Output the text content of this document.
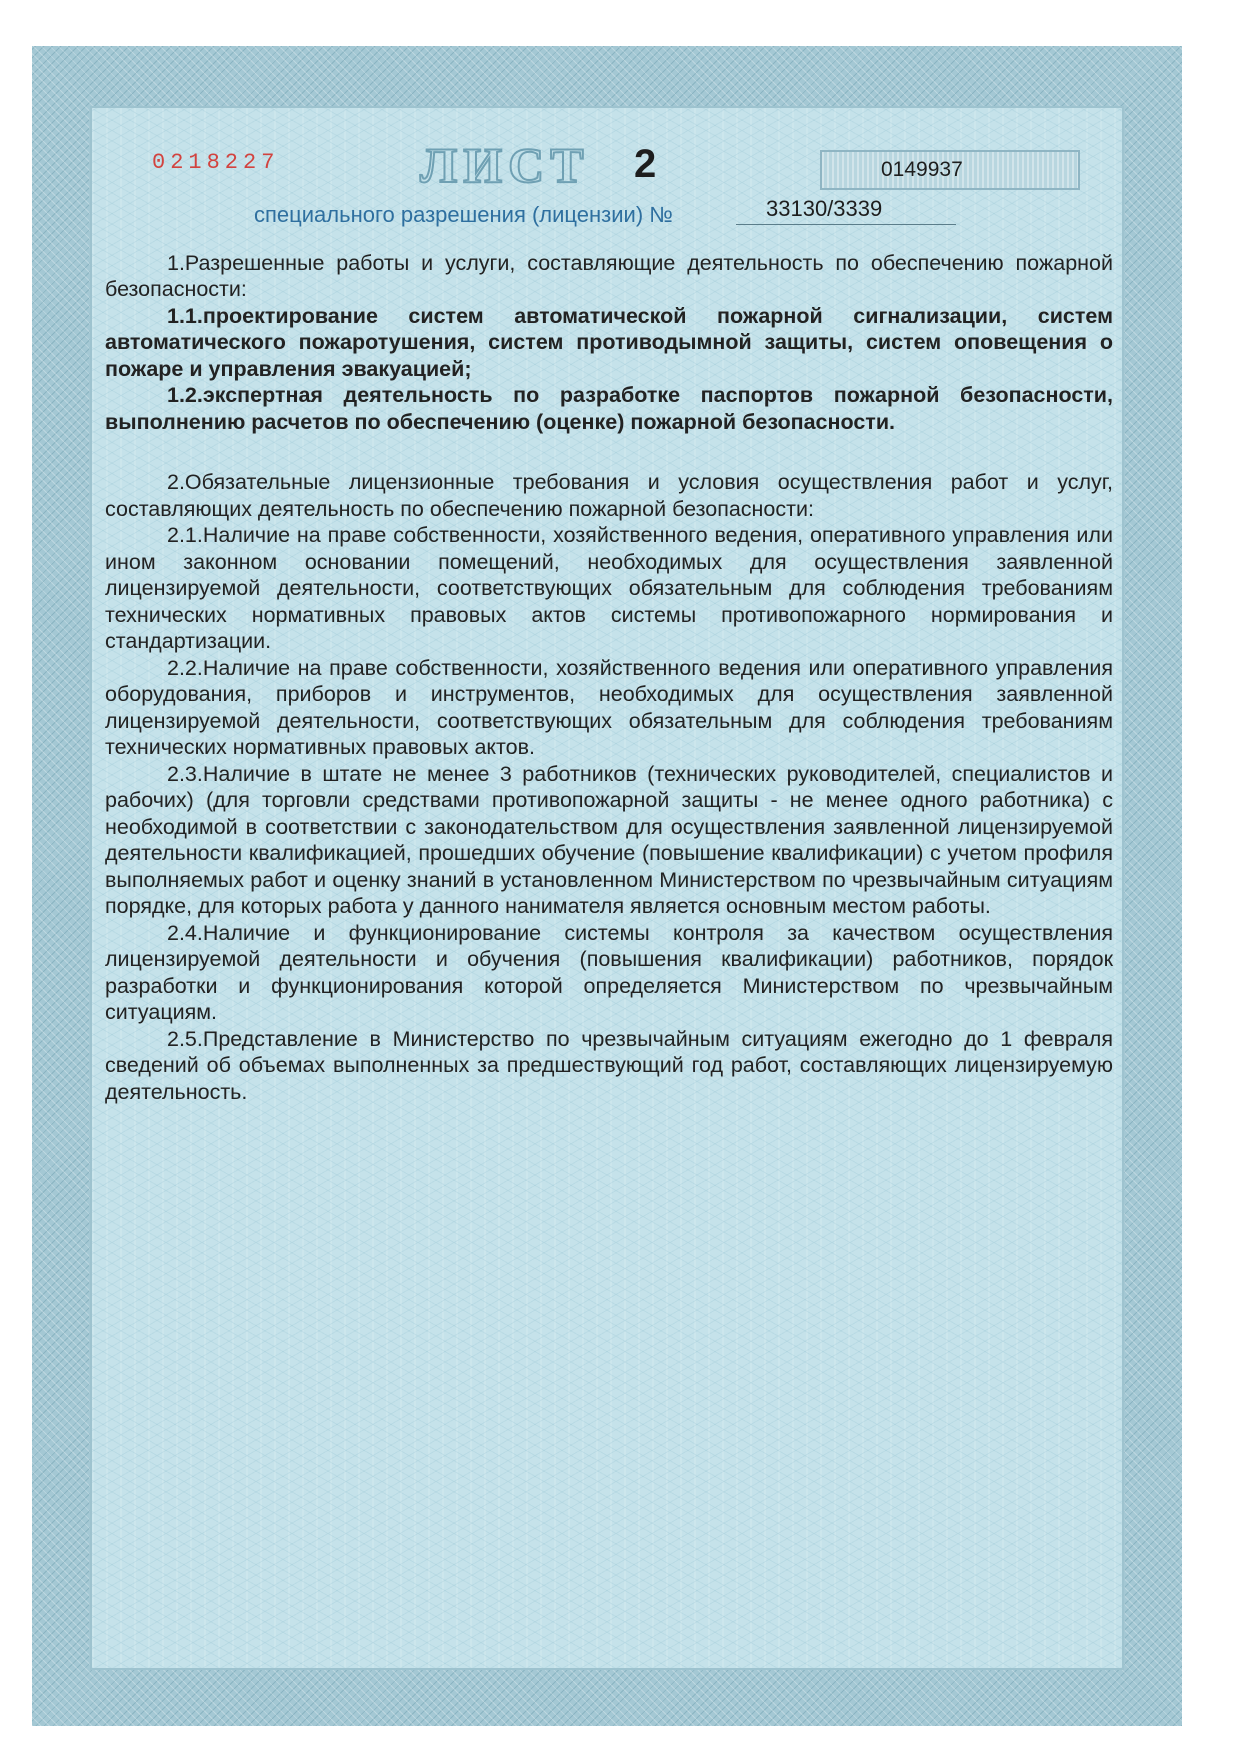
0218227	ЛИСТ 2	0149937
специального разрешения (лицензии) №	33130/3339

1.Разрешенные работы и услуги, составляющие деятельность по обеспечению пожарной безопасности:

1.1.проектирование систем автоматической пожарной сигнализации, систем автоматического пожаротушения, систем противодымной защиты, систем оповещения о пожаре и управления эвакуацией;

1.2.экспертная деятельность по разработке паспортов пожарной безопасности, выполнению расчетов по обеспечению (оценке) пожарной безопасности.

2.Обязательные лицензионные требования и условия осуществления работ и услуг, составляющих деятельность по обеспечению пожарной безопасности:

2.1.Наличие на праве собственности, хозяйственного ведения, оперативного управления или ином законном основании помещений, необходимых для осуществления заявленной лицензируемой деятельности, соответствующих обязательным для соблюдения требованиям технических нормативных правовых актов системы противопожарного нормирования и стандартизации.

2.2.Наличие на праве собственности, хозяйственного ведения или оперативного управления оборудования, приборов и инструментов, необходимых для осуществления заявленной лицензируемой деятельности, соответствующих обязательным для соблюдения требованиям технических нормативных правовых актов.

2.3.Наличие в штате не менее 3 работников (технических руководителей, специалистов и рабочих) (для торговли средствами противопожарной защиты - не менее одного работника) с необходимой в соответствии с законодательством для осуществления заявленной лицензируемой деятельности квалификацией, прошедших обучение (повышение квалификации) с учетом профиля выполняемых работ и оценку знаний в установленном Министерством по чрезвычайным ситуациям порядке, для которых работа у данного нанимателя является основным местом работы.

2.4.Наличие и функционирование системы контроля за качеством осуществления лицензируемой деятельности и обучения (повышения квалификации) работников, порядок разработки и функционирования которой определяется Министерством по чрезвычайным ситуациям.

2.5.Представление в Министерство по чрезвычайным ситуациям ежегодно до 1 февраля сведений об объемах выполненных за предшествующий год работ, составляющих лицензируемую деятельность.
